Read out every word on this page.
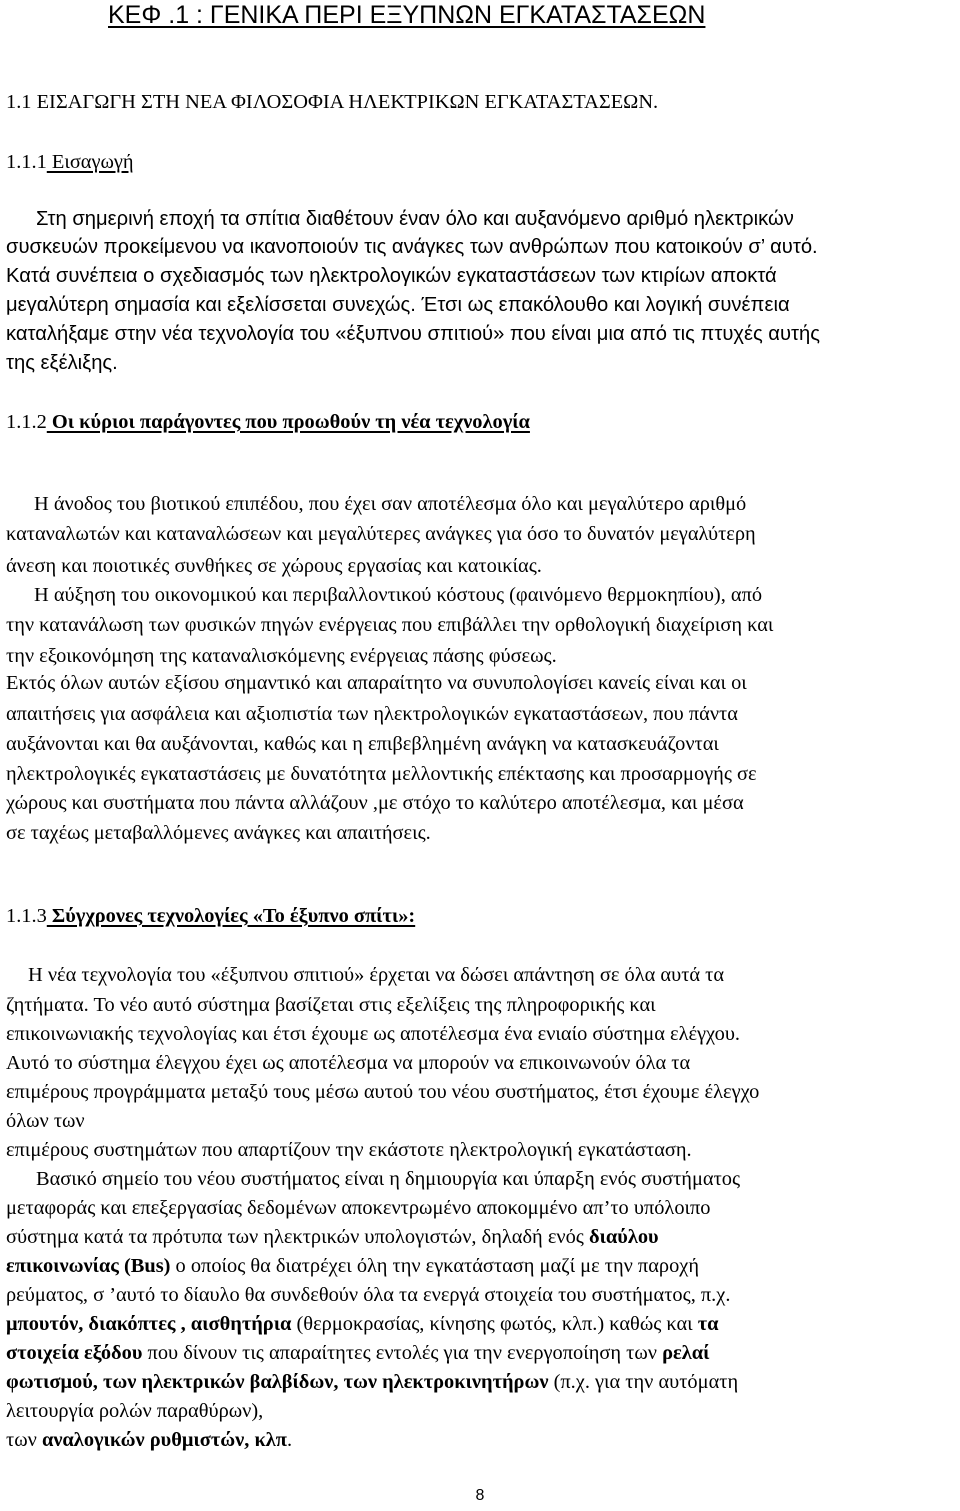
ΚΕΦ .1 : ΓΕΝΙΚΑ ΠΕΡΙ ΕΞΥΠΝΩΝ ΕΓΚΑΤΑΣΤΑΣΕΩΝ
1.1 ΕΙΣΑΓΩΓΗ ΣΤΗ ΝΕΑ ΦΙΛΟΣΟΦΙΑ ΗΛΕΚΤΡΙΚΩΝ ΕΓΚΑΤΑΣΤΑΣΕΩΝ.
1.1.1 Εισαγωγή
Στη σημερινή εποχή τα σπίτια διαθέτουν έναν όλο και αυξανόμενο αριθμό ηλεκτρικών
συσκευών προκείμενου να ικανοποιούν τις ανάγκες των ανθρώπων που κατοικούν σ’ αυτό.
Κατά συνέπεια ο σχεδιασμός των ηλεκτρολογικών εγκαταστάσεων των κτιρίων αποκτά
μεγαλύτερη σημασία και εξελίσσεται συνεχώς. Έτσι ως επακόλουθο και λογική συνέπεια
καταλήξαμε στην νέα τεχνολογία του «έξυπνου σπιτιού» που είναι μια από τις πτυχές αυτής
της εξέλιξης.
1.1.2 Οι κύριοι παράγοντες που προωθούν τη νέα τεχνολογία
Η άνοδος του βιοτικού επιπέδου, που έχει σαν αποτέλεσμα όλο και μεγαλύτερο αριθμό
καταναλωτών και καταναλώσεων και μεγαλύτερες ανάγκες για όσο το δυνατόν μεγαλύτερη
άνεση και ποιοτικές συνθήκες σε χώρους εργασίας και κατοικίας.
Η αύξηση του οικονομικού και περιβαλλοντικού κόστους (φαινόμενο θερμοκηπίου), από
την κατανάλωση των φυσικών πηγών ενέργειας που επιβάλλει την ορθολογική διαχείριση και
την εξοικονόμηση της καταναλισκόμενης ενέργειας πάσης φύσεως.
Εκτός όλων αυτών εξίσου σημαντικό και απαραίτητο να συνυπολογίσει κανείς είναι και οι
απαιτήσεις για ασφάλεια και αξιοπιστία των ηλεκτρολογικών εγκαταστάσεων, που πάντα
αυξάνονται και θα αυξάνονται, καθώς και η επιβεβλημένη ανάγκη να κατασκευάζονται
ηλεκτρολογικές εγκαταστάσεις με δυνατότητα μελλοντικής επέκτασης και προσαρμογής σε
χώρους και συστήματα που πάντα αλλάζουν ,με στόχο το καλύτερο αποτέλεσμα, και μέσα
σε ταχέως μεταβαλλόμενες ανάγκες και απαιτήσεις.
1.1.3 Σύγχρονες τεχνολογίες «Το έξυπνο σπίτι»:
Η νέα τεχνολογία του «έξυπνου σπιτιού» έρχεται να δώσει απάντηση σε όλα αυτά τα
ζητήματα. Το νέο αυτό σύστημα βασίζεται στις εξελίξεις της πληροφορικής και
επικοινωνιακής τεχνολογίας και έτσι έχουμε ως αποτέλεσμα ένα ενιαίο σύστημα ελέγχου.
Αυτό το σύστημα έλεγχου έχει ως αποτέλεσμα να μπορούν να επικοινωνούν όλα τα
επιμέρους προγράμματα μεταξύ τους μέσω αυτού του νέου συστήματος, έτσι έχουμε έλεγχο
όλων των
επιμέρους συστημάτων που απαρτίζουν την εκάστοτε ηλεκτρολογική εγκατάσταση.
Βασικό σημείο του νέου συστήματος είναι η δημιουργία και ύπαρξη ενός συστήματος
μεταφοράς και επεξεργασίας δεδομένων αποκεντρωμένο αποκομμένο απ’το υπόλοιπο
σύστημα κατά τα πρότυπα των ηλεκτρικών υπολογιστών, δηλαδή ενός διαύλου
επικοινωνίας (Bus) ο οποίος θα διατρέχει όλη την εγκατάσταση μαζί με την παροχή
ρεύματος, σ ’αυτό το δίαυλο θα συνδεθούν όλα τα ενεργά στοιχεία του συστήματος, π.χ.
μπουτόν, διακόπτες , αισθητήρια (θερμοκρασίας, κίνησης φωτός, κλπ.) καθώς και τα
στοιχεία εξόδου που δίνουν τις απαραίτητες εντολές για την ενεργοποίηση των ρελαί
φωτισμού, των ηλεκτρικών βαλβίδων, των ηλεκτροκινητήρων (π.χ. για την αυτόματη
λειτουργία ρολών παραθύρων),
των αναλογικών ρυθμιστών, κλπ.
8
